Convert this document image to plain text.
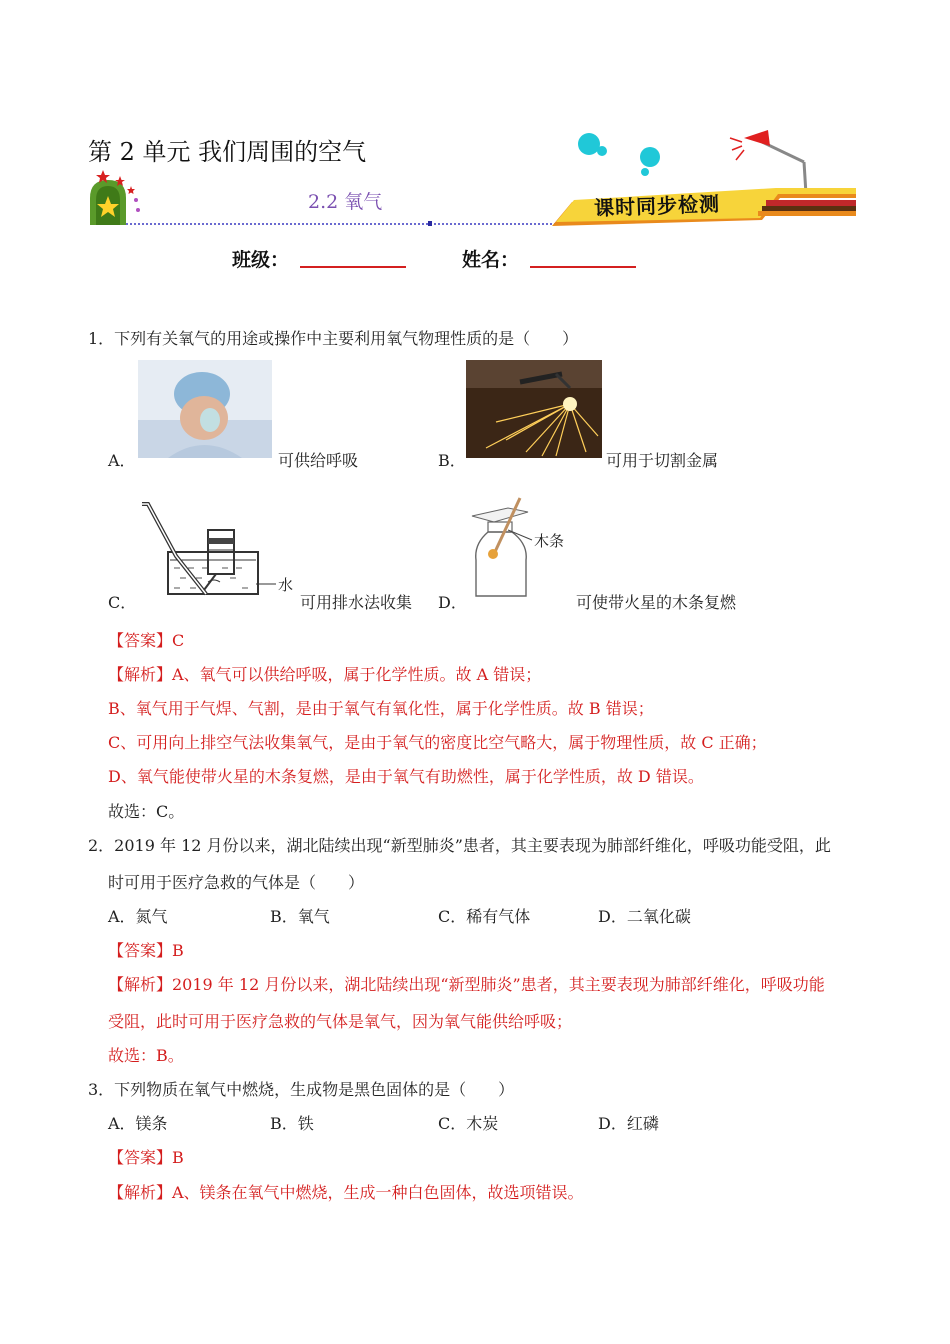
第 2 单元 我们周围的空气
2.2 氧气	课时同步检测
班级：	姓名：
1．下列有关氧气的用途或操作中主要利用氧气物理性质的是（　　）
A．	可供给呼吸	B．	可用于切割金属
C．
水
可用排水法收集 D．
木条
可使带火星的木条复燃
【答案】C
【解析】A、氧气可以供给呼吸，属于化学性质。故 A 错误；
B、氧气用于气焊、气割，是由于氧气有氧化性，属于化学性质。故 B 错误；
C、可用向上排空气法收集氧气，是由于氧气的密度比空气略大，属于物理性质，故 C 正确；
D、氧气能使带火星的木条复燃，是由于氧气有助燃性，属于化学性质，故 D 错误。
故选：C。
2．2019 年 12 月份以来，湖北陆续出现“新型肺炎”患者，其主要表现为肺部纤维化，呼吸功能受阻，此
时可用于医疗急救的气体是（　　）
A．氮气	B．氧气	C．稀有气体	D．二氧化碳
【答案】B
【解析】2019 年 12 月份以来，湖北陆续出现“新型肺炎”患者，其主要表现为肺部纤维化，呼吸功能
受阻，此时可用于医疗急救的气体是氧气，因为氧气能供给呼吸；
故选：B。
3．下列物质在氧气中燃烧，生成物是黑色固体的是（　　）
A．镁条	B．铁	C．木炭	D．红磷
【答案】B
【解析】A、镁条在氧气中燃烧，生成一种白色固体，故选项错误。
